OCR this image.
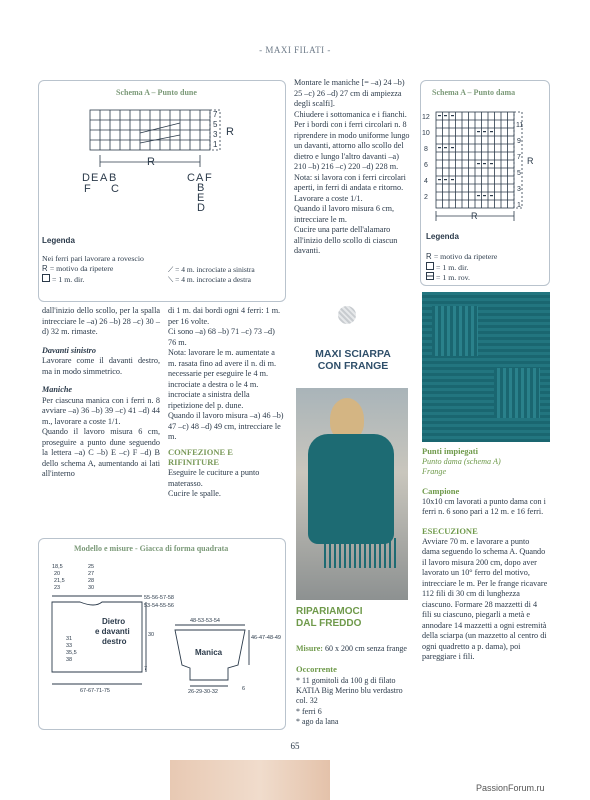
- MAXI FILATI -
Schema A – Punto dune
7
5
3
1
R
R
D E A B
F C
C A F
B
E
D
Legenda
Nei ferri pari lavorare a rovescio
R = motivo da ripetere
= 1 m. dir.
⟋ = 4 m. incrociate a sinistra
⟍ = 4 m. incrociate a destra

dall'inizio dello scollo, per la spalla intrecciare le –a) 26 –b) 28 –c) 30 –d) 32 m. rimaste.

Davanti sinistro

Lavorare come il davanti destro, ma in modo simmetrico.

Maniche

Per ciascuna manica con i ferri n. 8 avviare –a) 36 –b) 39 –c) 41 –d) 44 m., lavorare a coste 1/1.

Quando il lavoro misura 6 cm, proseguire a punto dune seguendo la lettera –a) C –b) E –c) F –d) B dello schema A, aumentando ai lati all'interno

di 1 m. dai bordi ogni 4 ferri: 1 m. per 16 volte.

Ci sono –a) 68 –b) 71 –c) 73 –d) 76 m.

Nota: lavorare le m. aumentate a m. rasata fino ad avere il n. di m. necessarie per eseguire le 4 m. incrociate a destra o le 4 m. incrociate a sinistra della ripetizione del p. dune.

Quando il lavoro misura –a) 46 –b) 47 –c) 48 –d) 49 cm, intrecciare le m.

CONFEZIONE E RIFINITURE

Eseguire le cuciture a punto materasso.

Cucire le spalle.

Modello e misure - Giacca di forma quadrata
18,5
20
21,5
23
25
27
28
30
55-56-57-58
53-54-55-56
30
31
33
35,5
38
7
67-67-71-75
48-53-53-54
46-47-48-49
6
26-29-30-32
Dietro
e davanti
destro
Manica

Montare le maniche [= –a) 24 –b) 25 –c) 26 –d) 27 cm di ampiezza degli scalfi].

Chiudere i sottomanica e i fianchi.

Per i bordi con i ferri circolari n. 8 riprendere in modo uniforme lungo un davanti, attorno allo scollo del dietro e lungo l'altro davanti –a) 210 –b) 216 –c) 220 –d) 228 m.

Nota: si lavora con i ferri circolari aperti, in ferri di andata e ritorno.

Lavorare a coste 1/1.

Quando il lavoro misura 6 cm, intrecciare le m.

Cucire una parte dell'alamaro all'inizio dello scollo di ciascun davanti.

MAXI SCIARPA
CON FRANGE
RIPARIAMOCI
DAL FREDDO
Misure: 60 x 200 cm senza frange
Occorrente

* 11 gomitoli da 100 g di filato KATIA Big Merino blu verdastro col. 32

* ferri 6

* ago da lana

Schema A – Punto dama
12
10
8
6
4
2
11
9
7
5
3
1
R
R
Legenda
R = motivo da ripetere
= 1 m. dir.
= 1 m. rov.

Punti impiegati

Punto dama (schema A)

Frange

Campione

10x10 cm lavorati a punto dama con i ferri n. 6 sono pari a 12 m. e 16 ferri.

ESECUZIONE

Avviare 70 m. e lavorare a punto dama seguendo lo schema A. Quando il lavoro misura 200 cm, dopo aver lavorato un 10° ferro del motivo, intrecciare le m. Per le frange ricavare 112 fili di 30 cm di lunghezza ciascuno. Formare 28 mazzetti di 4 fili su ciascuno, piegarli a metà e annodare 14 mazzetti a ogni estremità della sciarpa (un mazzetto al centro di ogni quadretto a p. dama), poi pareggiare i fili.

65
PassionForum.ru
